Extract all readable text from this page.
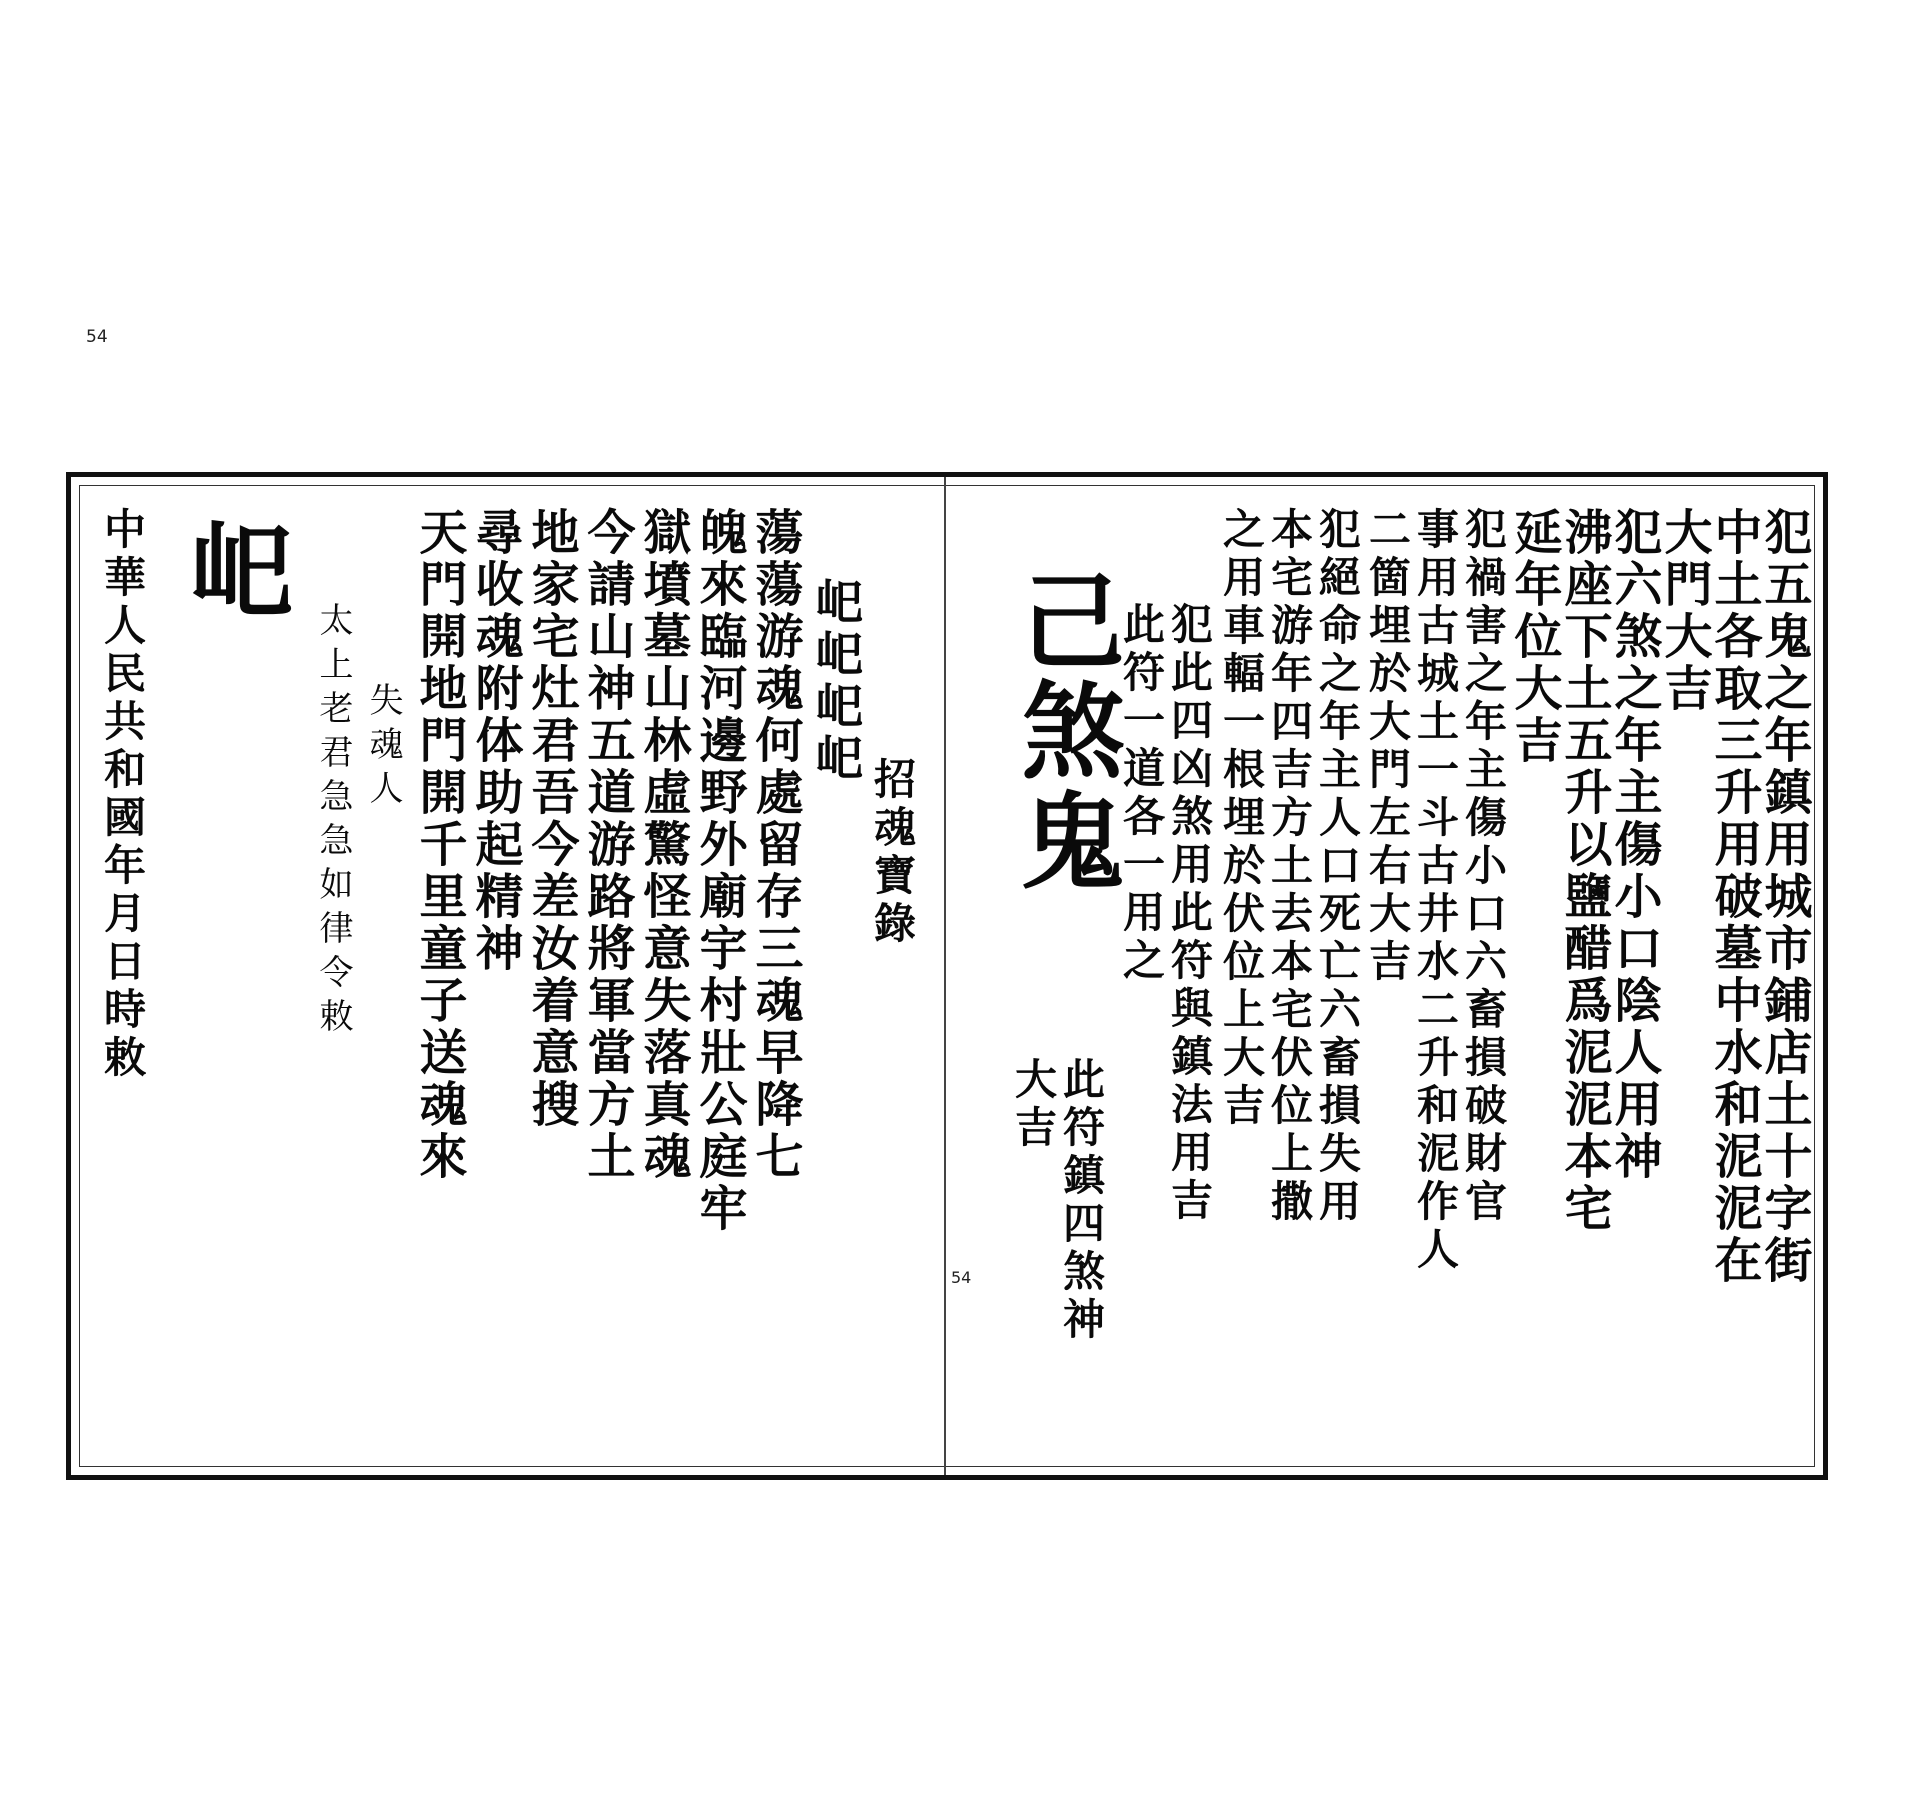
54
犯五鬼之年鎮用城市鋪店土十字街
中土各取三升用破墓中水和泥泥在
大門大吉
犯六煞之年主傷小口陰人用神
沸座下土五升以鹽醋爲泥泥本宅
延年位大吉
犯禍害之年主傷小口六畜損破財官
事用古城土一斗古井水二升和泥作人
二箇埋於大門左右大吉
犯絕命之年主人口死亡六畜損失用
本宅游年四吉方土去本宅伏位上撒
之用車輻一根埋於伏位上大吉
犯此四凶煞用此符與鎮法用吉
此符一道各一用之
此符鎮四煞神
大吉
己煞鬼
招魂寶錄
𡵆𡵆𡵆𡵆
蕩蕩游魂何處留存三魂早降七
魄來臨河邊野外廟宇村壯公庭牢
獄墳墓山林虛驚怪意失落真魂
今請山神五道游路將軍當方土
地家宅灶君吾今差汝着意搜
尋收魂附体助起精神
天門開地門開千里童子送魂來
失魂人
太上老君急急如律令敕
𡵆
中華人民共和國年月日時敕
54
